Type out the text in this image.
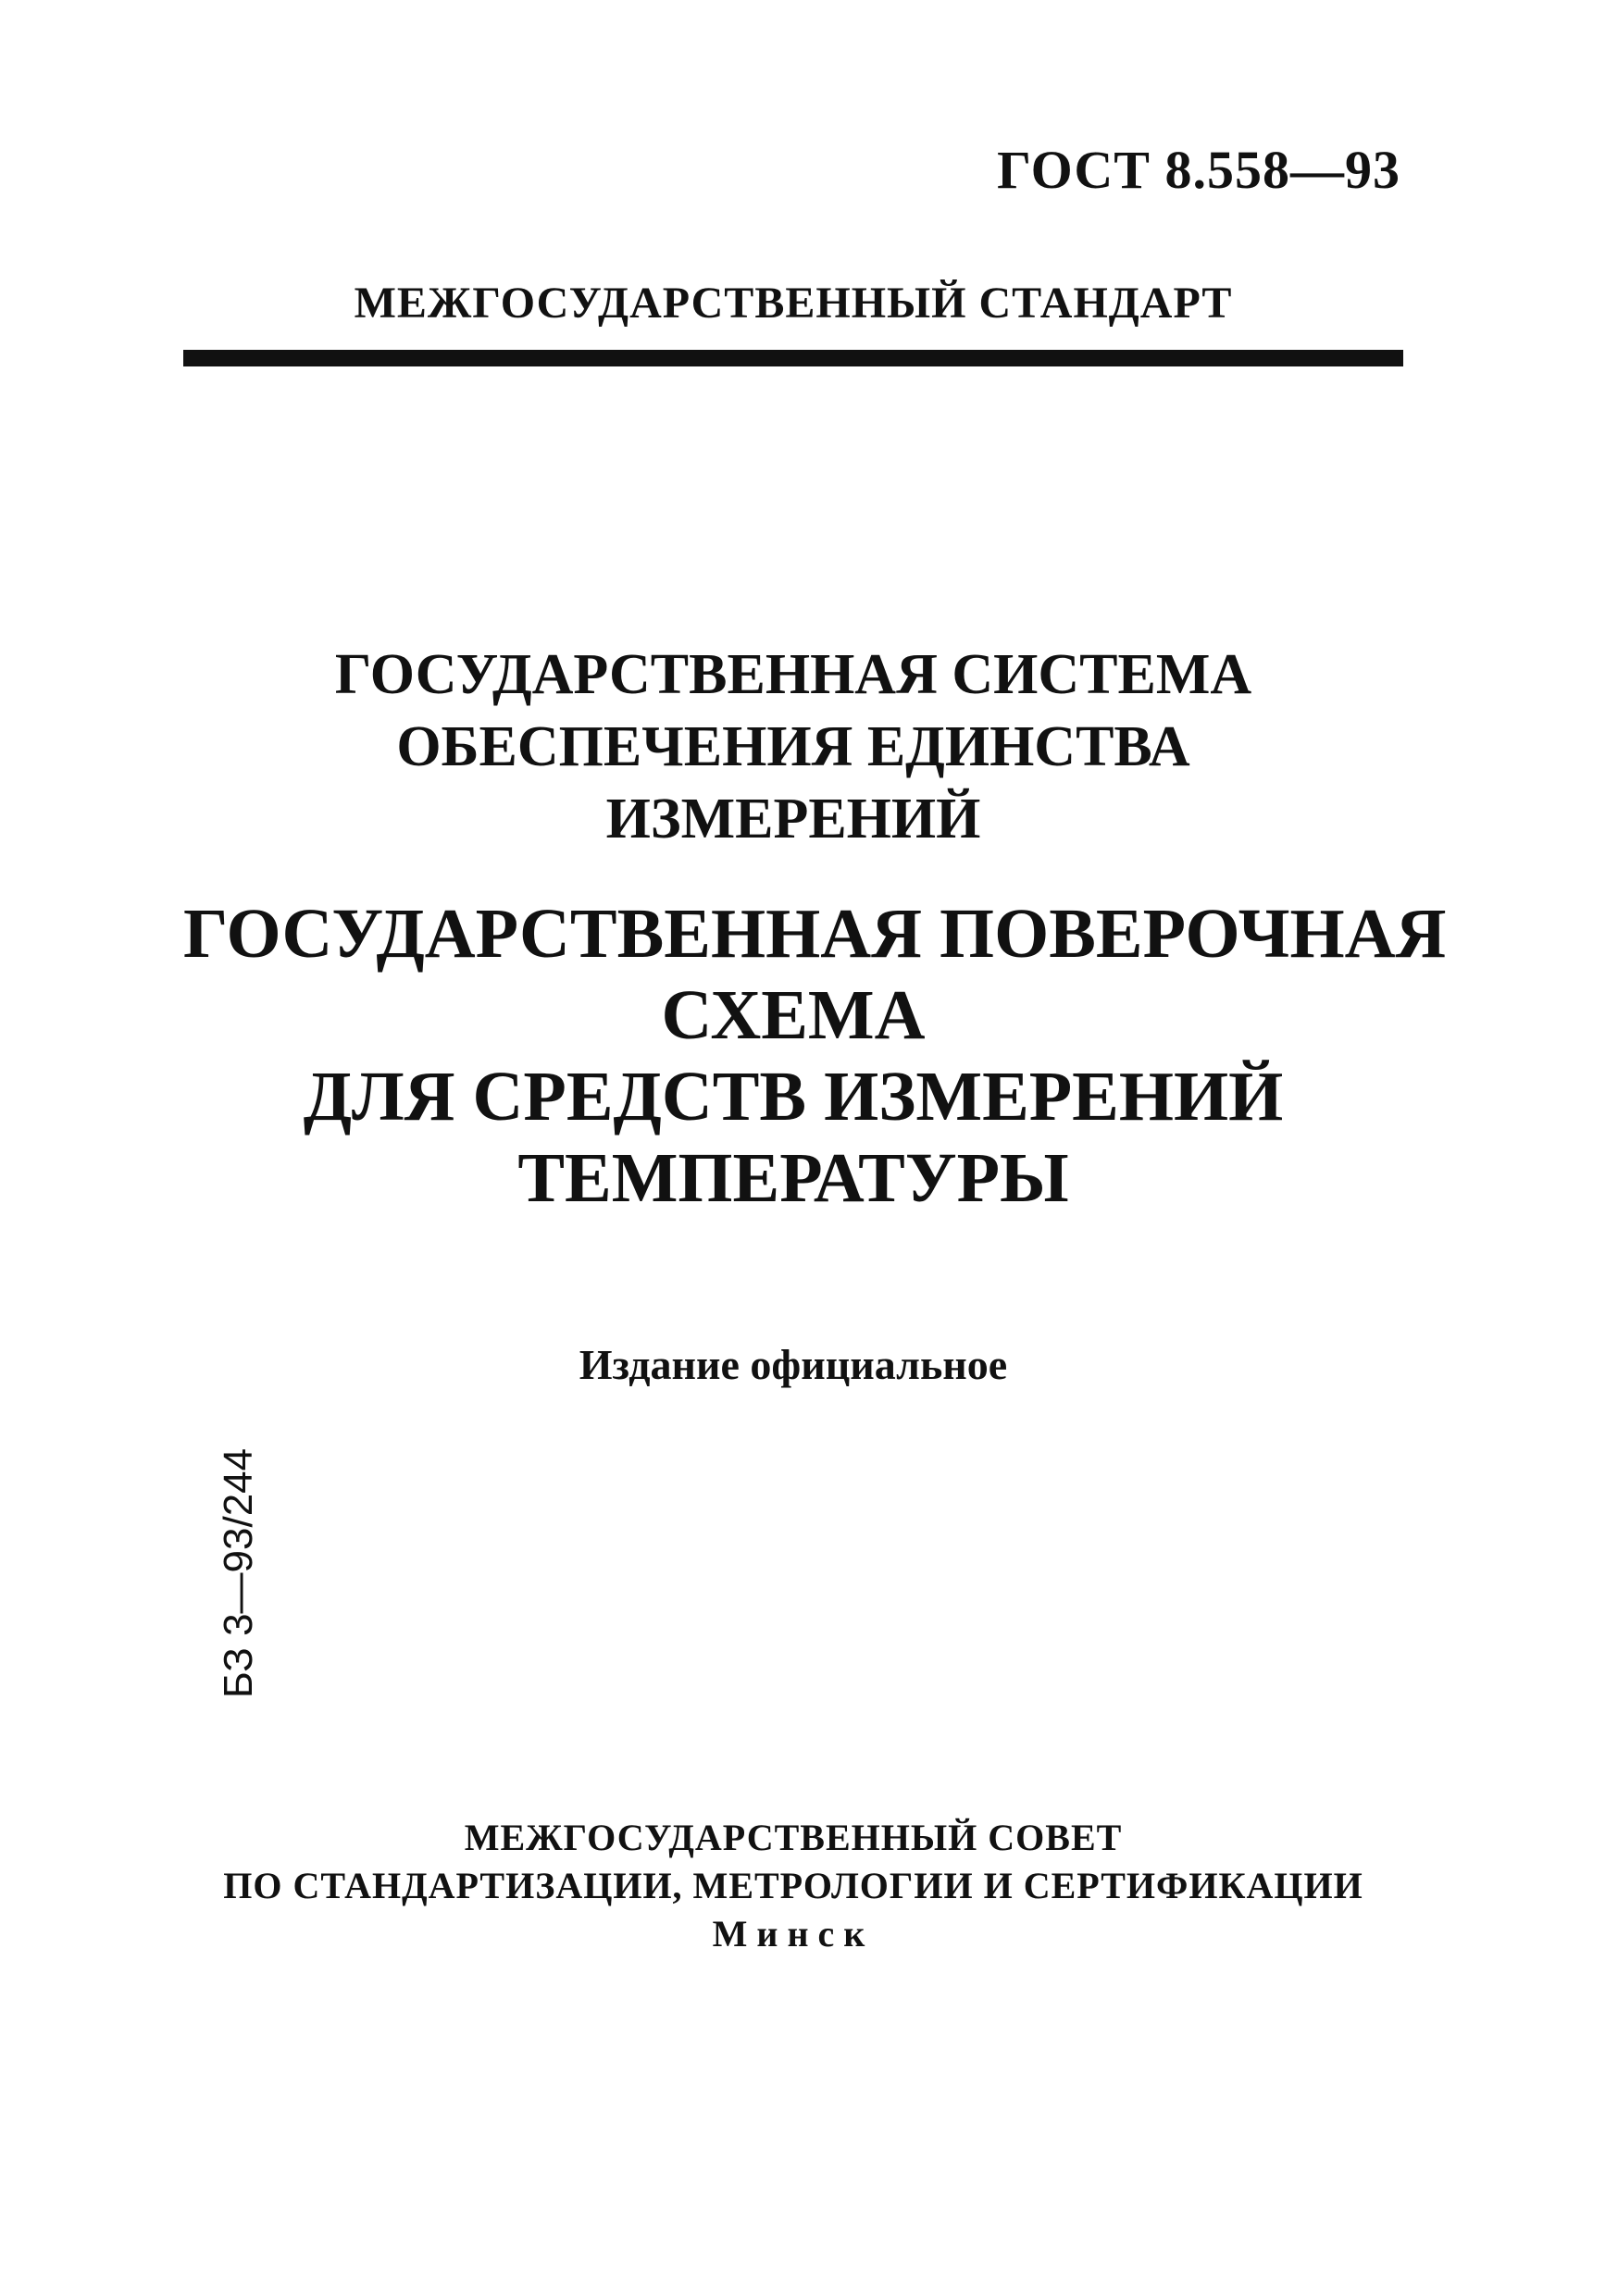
ГОСТ 8.558—93
МЕЖГОСУДАРСТВЕННЫЙ СТАНДАРТ
ГОСУДАРСТВЕННАЯ СИСТЕМА
ОБЕСПЕЧЕНИЯ ЕДИНСТВА
ИЗМЕРЕНИЙ
ГОСУДАРСТВЕННАЯ ПОВЕРОЧНАЯ
СХЕМА
ДЛЯ СРЕДСТВ ИЗМЕРЕНИЙ
ТЕМПЕРАТУРЫ
Издание официальное
БЗ 3—93/244
МЕЖГОСУДАРСТВЕННЫЙ СОВЕТ
ПО СТАНДАРТИЗАЦИИ, МЕТРОЛОГИИ И СЕРТИФИКАЦИИ
Минск
